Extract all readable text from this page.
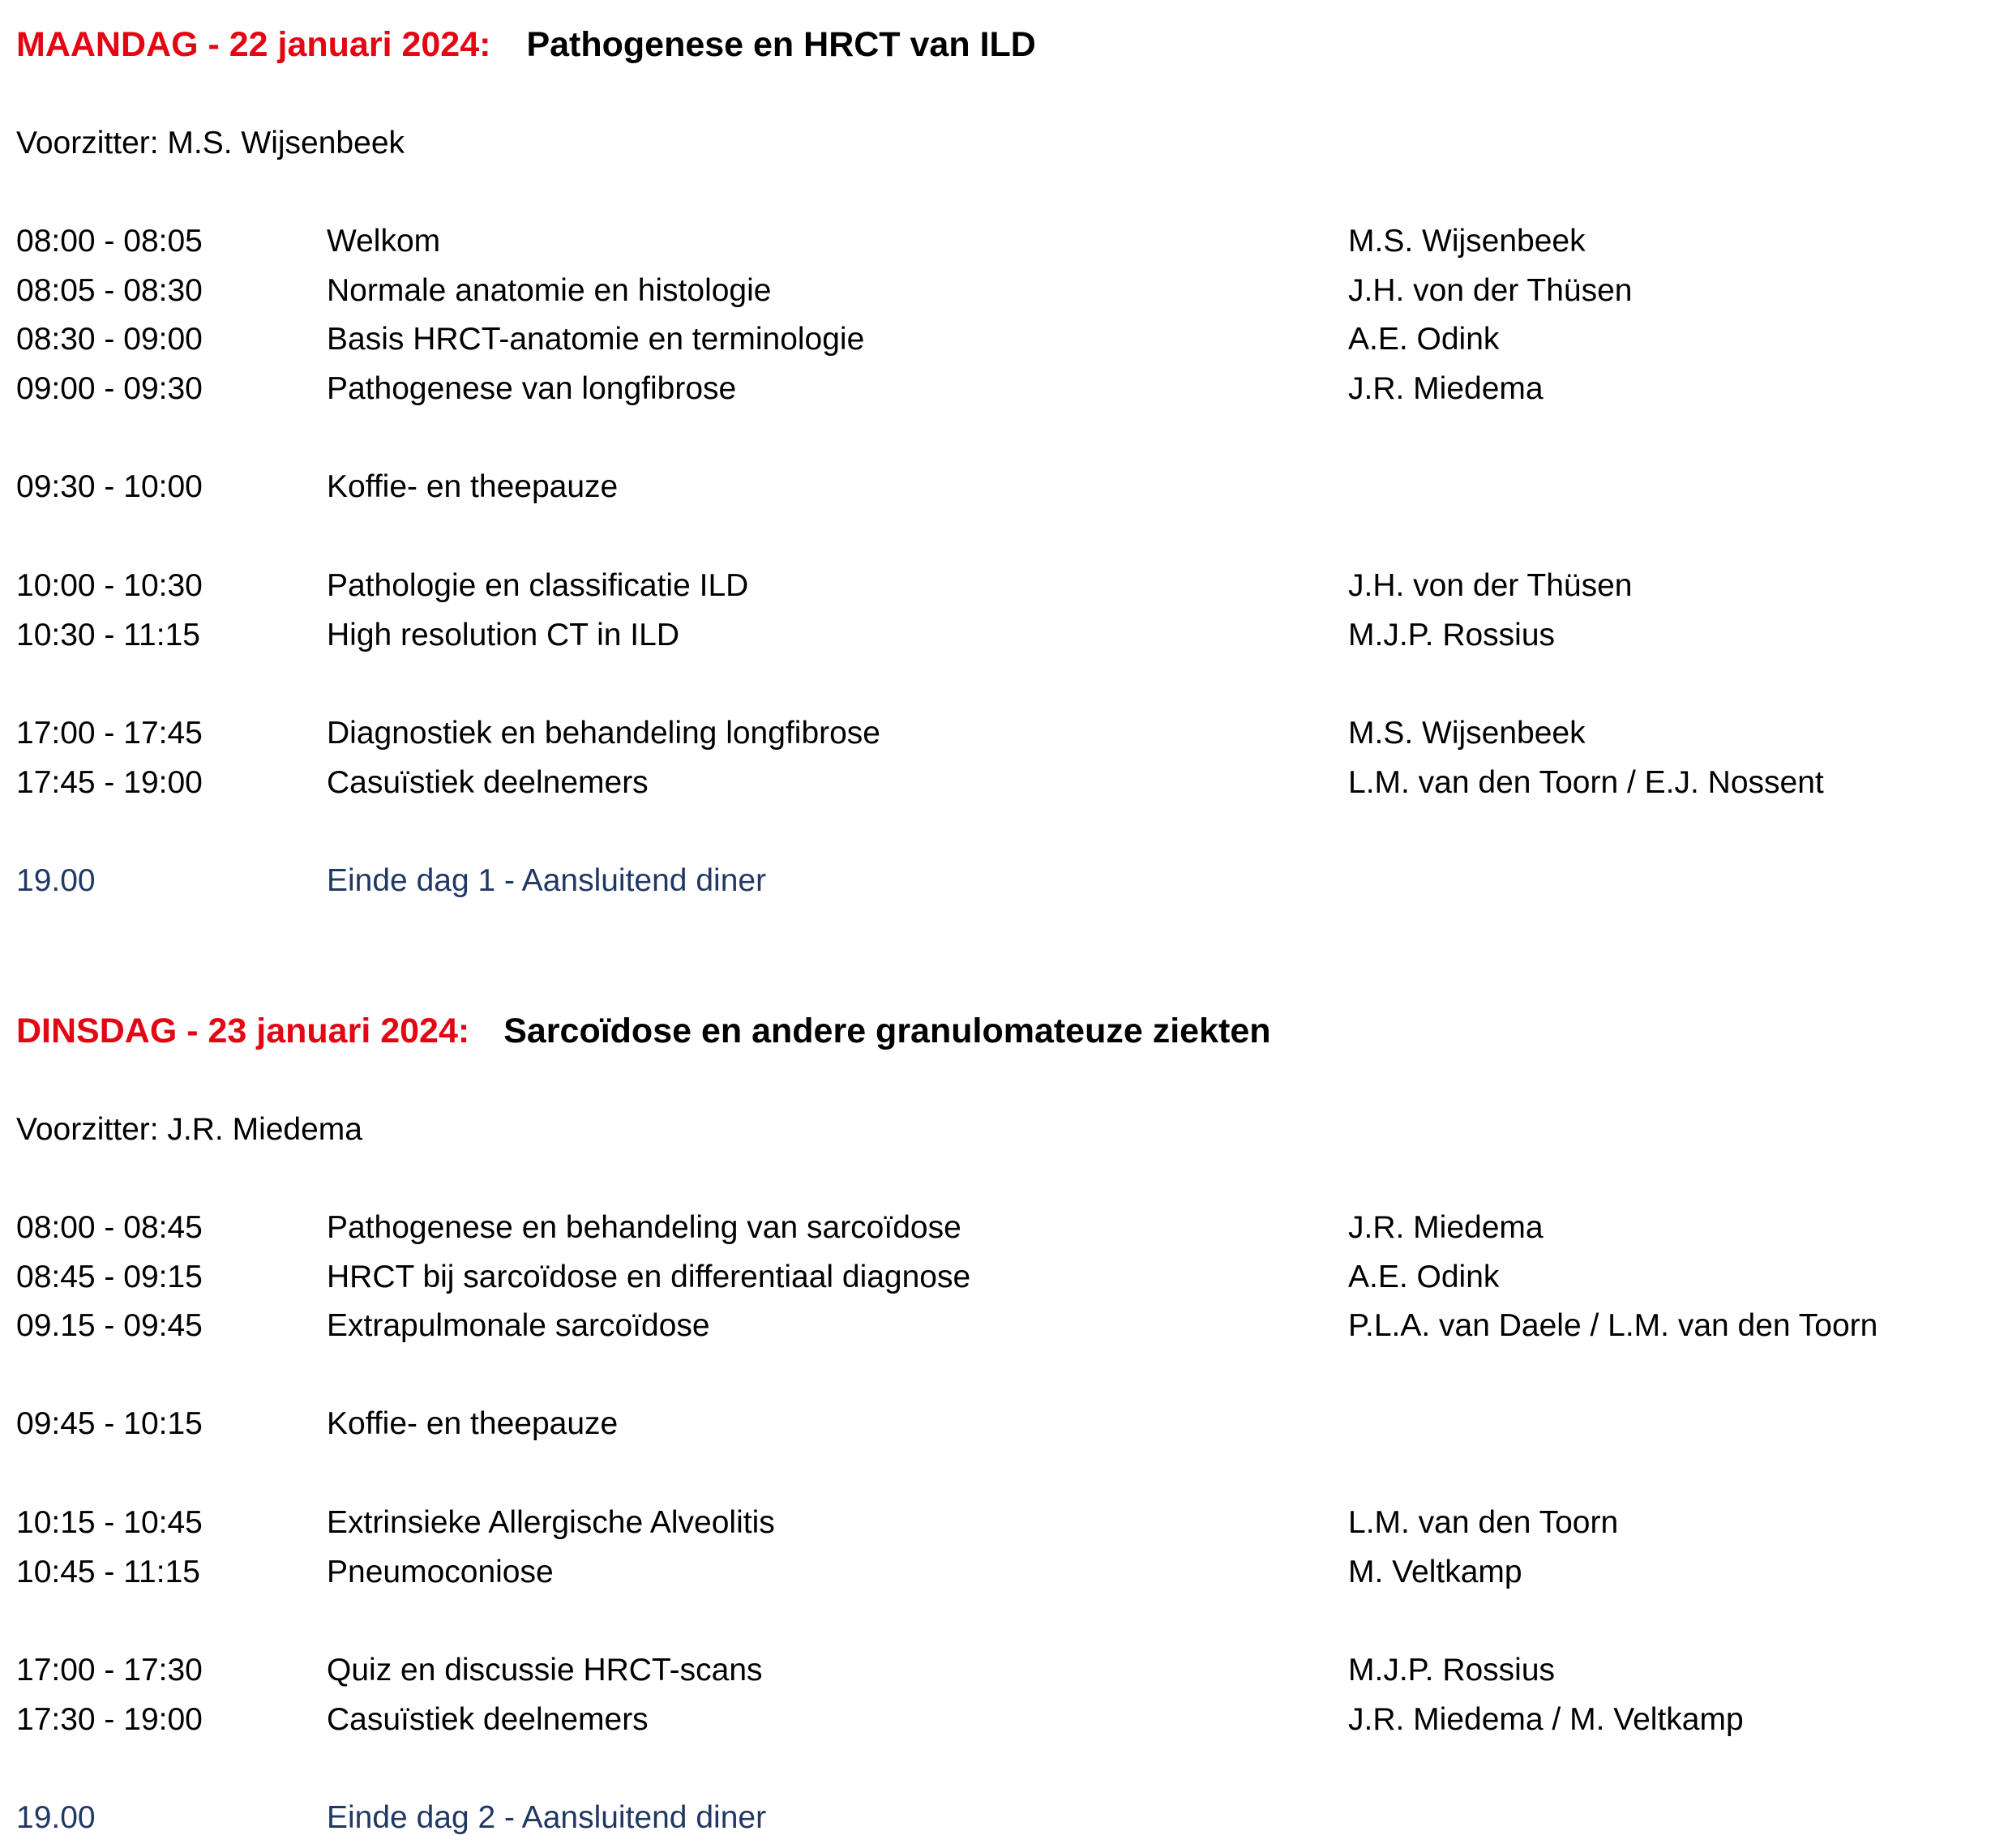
MAANDAG - 22 januari 2024: Pathogenese en HRCT van ILD
Voorzitter: M.S. Wijsenbeek
08:00 - 08:05	Welkom	M.S. Wijsenbeek
08:05 - 08:30	Normale anatomie en histologie	J.H. von der Thüsen
08:30 - 09:00	Basis HRCT-anatomie en terminologie	A.E. Odink
09:00 - 09:30	Pathogenese van longfibrose	J.R. Miedema
09:30 - 10:00	Koffie- en theepauze
10:00 - 10:30	Pathologie en classificatie ILD	J.H. von der Thüsen
10:30 - 11:15	High resolution CT in ILD	M.J.P. Rossius
17:00 - 17:45	Diagnostiek en behandeling longfibrose	M.S. Wijsenbeek
17:45 - 19:00	Casuïstiek deelnemers	L.M. van den Toorn / E.J. Nossent
19.00	Einde dag 1 - Aansluitend diner
DINSDAG - 23 januari 2024: Sarcoïdose en andere granulomateuze ziekten
Voorzitter: J.R. Miedema
08:00 - 08:45	Pathogenese en behandeling van sarcoïdose	J.R. Miedema
08:45 - 09:15	HRCT bij sarcoïdose en differentiaal diagnose	A.E. Odink
09.15 - 09:45	Extrapulmonale sarcoïdose	P.L.A. van Daele / L.M. van den Toorn
09:45 - 10:15	Koffie- en theepauze
10:15 - 10:45	Extrinsieke Allergische Alveolitis	L.M. van den Toorn
10:45 - 11:15	Pneumoconiose	M. Veltkamp
17:00 - 17:30	Quiz en discussie HRCT-scans	M.J.P. Rossius
17:30 - 19:00	Casuïstiek deelnemers	J.R. Miedema / M. Veltkamp
19.00	Einde dag 2 - Aansluitend diner
